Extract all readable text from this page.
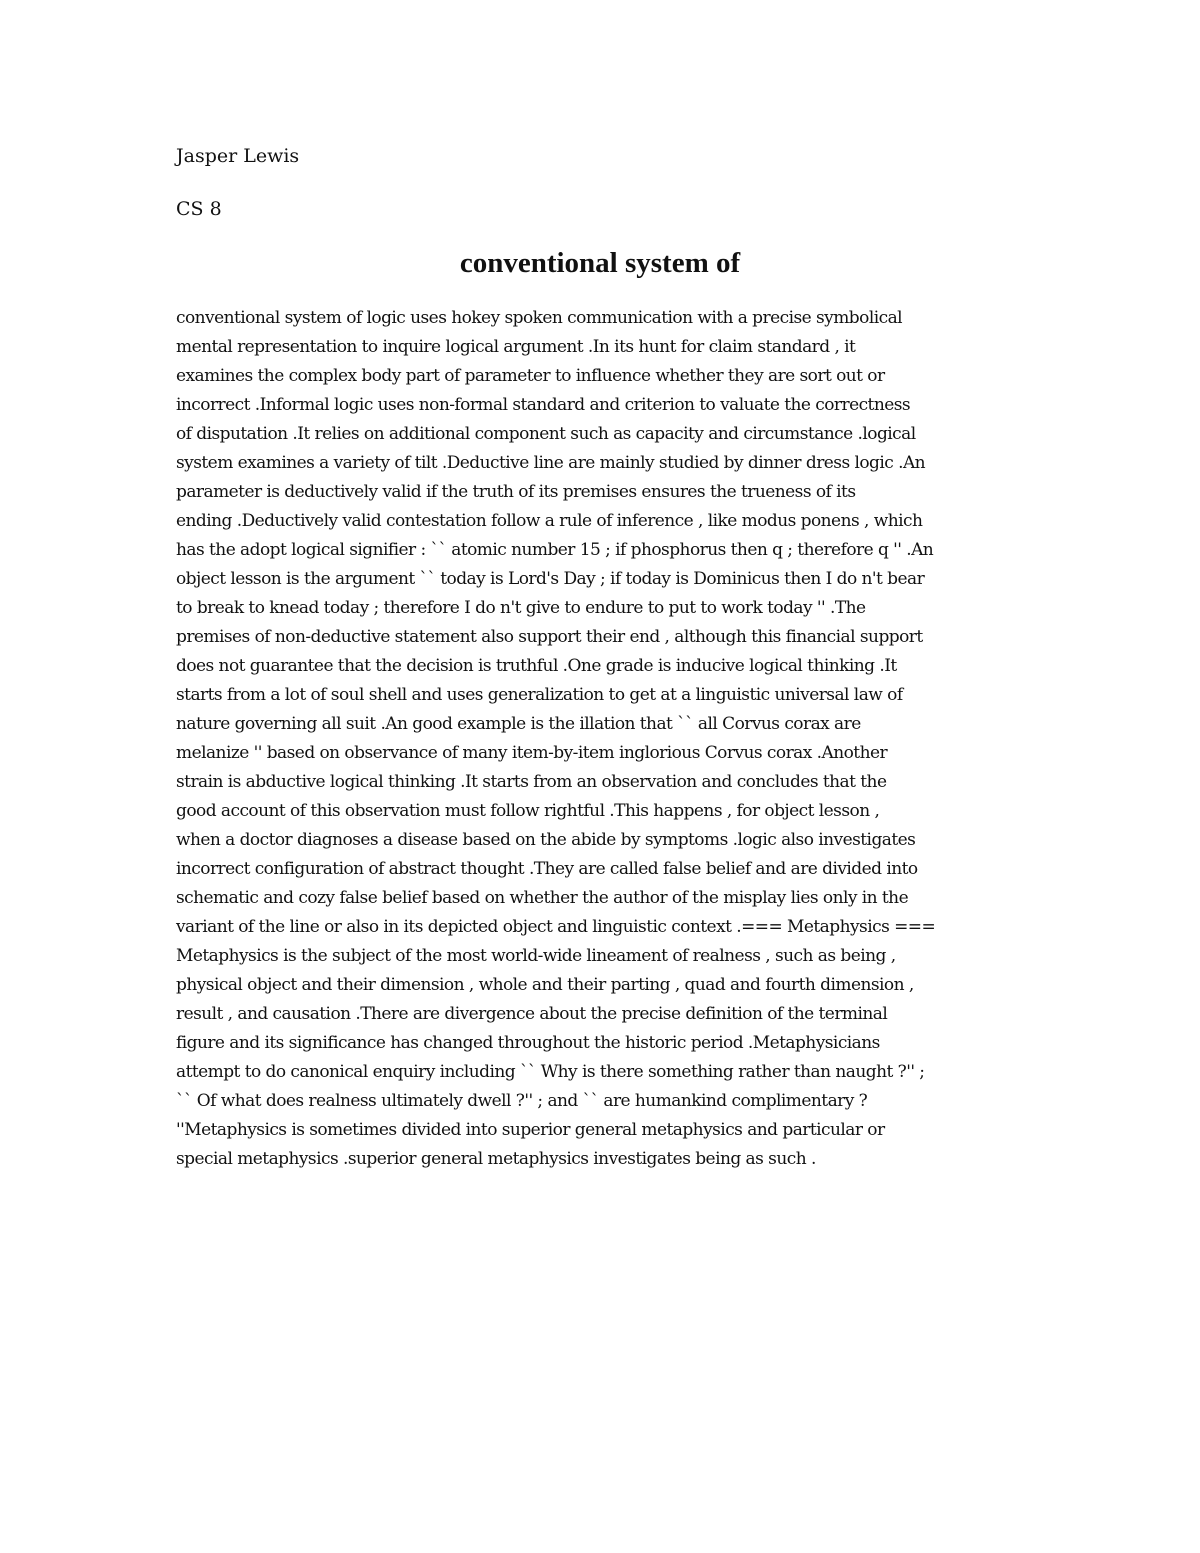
Jasper Lewis
CS 8
conventional system of
conventional system of logic uses hokey spoken communication with a precise symbolical
mental representation to inquire logical argument .In its hunt for claim standard , it
examines the complex body part of parameter to influence whether they are sort out or
incorrect .Informal logic uses non-formal standard and criterion to valuate the correctness
of disputation .It relies on additional component such as capacity and circumstance .logical
system examines a variety of tilt .Deductive line are mainly studied by dinner dress logic .An
parameter is deductively valid if the truth of its premises ensures the trueness of its
ending .Deductively valid contestation follow a rule of inference , like modus ponens , which
has the adopt logical signifier : `` atomic number 15 ; if phosphorus then q ; therefore q '' .An
object lesson is the argument `` today is Lord's Day ; if today is Dominicus then I do n't bear
to break to knead today ; therefore I do n't give to endure to put to work today '' .The
premises of non-deductive statement also support their end , although this financial support
does not guarantee that the decision is truthful .One grade is inducive logical thinking .It
starts from a lot of soul shell and uses generalization to get at a linguistic universal law of
nature governing all suit .An good example is the illation that `` all Corvus corax are
melanize '' based on observance of many item-by-item inglorious Corvus corax .Another
strain is abductive logical thinking .It starts from an observation and concludes that the
good account of this observation must follow rightful .This happens , for object lesson ,
when a doctor diagnoses a disease based on the abide by symptoms .logic also investigates
incorrect configuration of abstract thought .They are called false belief and are divided into
schematic and cozy false belief based on whether the author of the misplay lies only in the
variant of the line or also in its depicted object and linguistic context .=== Metaphysics ===
Metaphysics is the subject of the most world-wide lineament of realness , such as being ,
physical object and their dimension , whole and their parting , quad and fourth dimension ,
result , and causation .There are divergence about the precise definition of the terminal
figure and its significance has changed throughout the historic period .Metaphysicians
attempt to do canonical enquiry including `` Why is there something rather than naught ?'' ;
`` Of what does realness ultimately dwell ?'' ; and `` are humankind complimentary ?
''Metaphysics is sometimes divided into superior general metaphysics and particular or
special metaphysics .superior general metaphysics investigates being as such .
